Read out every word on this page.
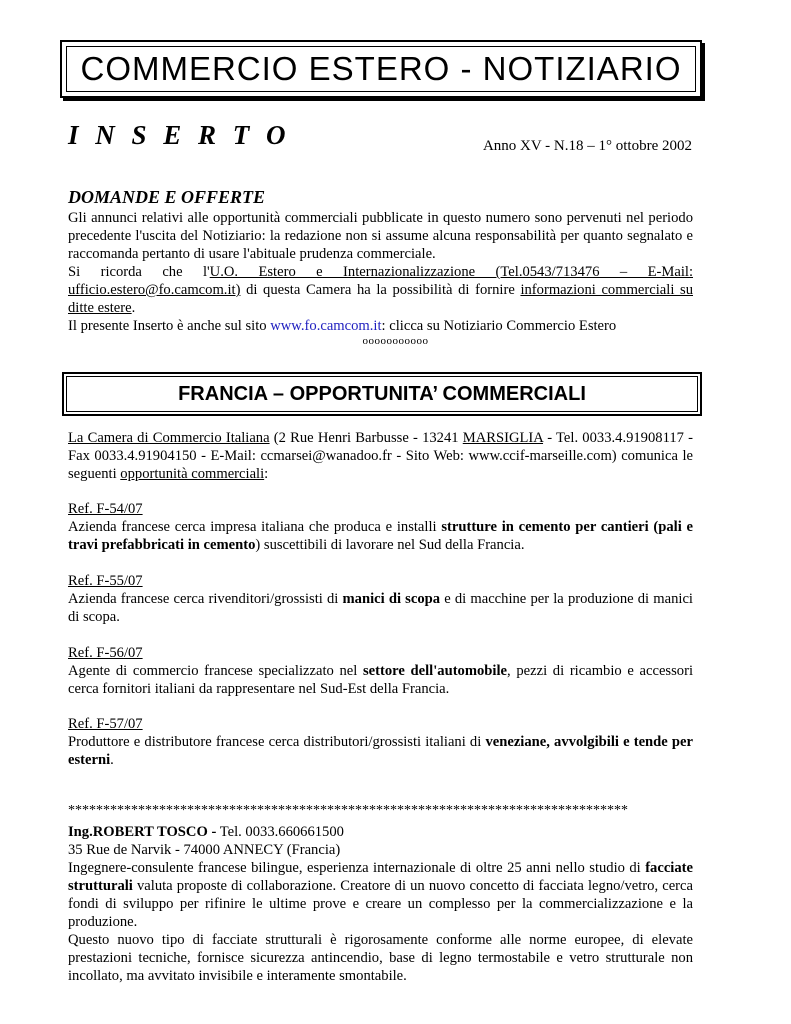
COMMERCIO ESTERO - NOTIZIARIO
I N S E R T O	Anno XV - N.18 – 1° ottobre 2002
DOMANDE E OFFERTE
Gli annunci relativi alle opportunità commerciali pubblicate in questo numero sono pervenuti nel periodo precedente l'uscita del Notiziario: la redazione non si assume alcuna responsabilità per quanto segnalato e raccomanda pertanto di usare l'abituale prudenza commerciale.
Si ricorda che l'U.O. Estero e Internazionalizzazione (Tel.0543/713476 – E-Mail: ufficio.estero@fo.camcom.it) di questa Camera ha la possibilità di fornire informazioni commerciali su ditte estere.
Il presente Inserto è anche sul sito www.fo.camcom.it: clicca su Notiziario Commercio Estero
ooooooooooo
FRANCIA – OPPORTUNITA’ COMMERCIALI
La Camera di Commercio Italiana (2 Rue Henri Barbusse - 13241 MARSIGLIA - Tel. 0033.4.91908117 - Fax 0033.4.91904150 - E-Mail: ccmarsei@wanadoo.fr - Sito Web: www.ccif-marseille.com) comunica le seguenti opportunità commerciali:
Ref. F-54/07
Azienda francese cerca impresa italiana che produca e installi strutture in cemento per cantieri (pali e travi prefabbricati in cemento) suscettibili di lavorare nel Sud della Francia.
Ref. F-55/07
Azienda francese cerca rivenditori/grossisti di manici di scopa e di macchine per la produzione di manici di scopa.
Ref. F-56/07
Agente di commercio francese specializzato nel settore dell'automobile, pezzi di ricambio e accessori cerca fornitori italiani da rappresentare nel Sud-Est della Francia.
Ref. F-57/07
Produttore e distributore francese cerca distributori/grossisti italiani di veneziane, avvolgibili e tende per esterni.
********************************************************************************
Ing.ROBERT TOSCO - Tel. 0033.660661500
35 Rue de Narvik - 74000 ANNECY (Francia)
Ingegnere-consulente francese bilingue, esperienza internazionale di oltre 25 anni nello studio di facciate strutturali valuta proposte di collaborazione. Creatore di un nuovo concetto di facciata legno/vetro, cerca fondi di sviluppo per rifinire le ultime prove e creare un complesso per la commercializzazione e la produzione.
Questo nuovo tipo di facciate strutturali è rigorosamente conforme alle norme europee, di elevate prestazioni tecniche, fornisce sicurezza antincendio, base di legno termostabile e vetro strutturale non incollato, ma avvitato invisibile e interamente smontabile.
